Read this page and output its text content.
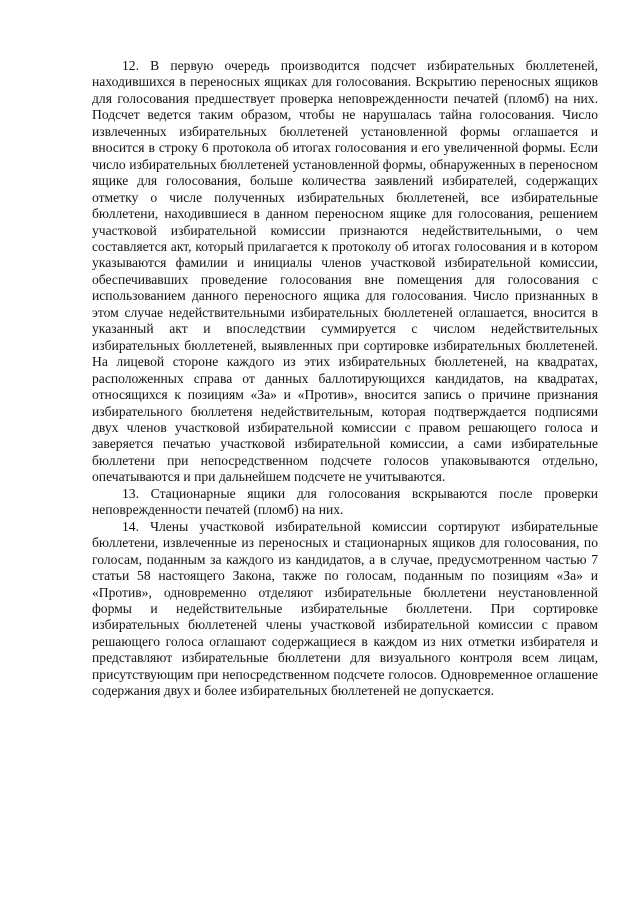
12. В первую очередь производится подсчет избирательных бюллетеней, находившихся в переносных ящиках для голосования. Вскрытию переносных ящиков для голосования предшествует проверка неповрежденности печатей (пломб) на них. Подсчет ведется таким образом, чтобы не нарушалась тайна голосования. Число извлеченных избирательных бюллетеней установленной формы оглашается и вносится в строку 6 протокола об итогах голосования и его увеличенной формы. Если число избирательных бюллетеней установленной формы, обнаруженных в переносном ящике для голосования, больше количества заявлений избирателей, содержащих отметку о числе полученных избирательных бюллетеней, все избирательные бюллетени, находившиеся в данном переносном ящике для голосования, решением участковой избирательной комиссии признаются недействительными, о чем составляется акт, который прилагается к протоколу об итогах голосования и в котором указываются фамилии и инициалы членов участковой избирательной комиссии, обеспечивавших проведение голосования вне помещения для голосования с использованием данного переносного ящика для голосования. Число признанных в этом случае недействительными избирательных бюллетеней оглашается, вносится в указанный акт и впоследствии суммируется с числом недействительных избирательных бюллетеней, выявленных при сортировке избирательных бюллетеней. На лицевой стороне каждого из этих избирательных бюллетеней, на квадратах, расположенных справа от данных баллотирующихся кандидатов, на квадратах, относящихся к позициям «За» и «Против», вносится запись о причине признания избирательного бюллетеня недействительным, которая подтверждается подписями двух членов участковой избирательной комиссии с правом решающего голоса и заверяется печатью участковой избирательной комиссии, а сами избирательные бюллетени при непосредственном подсчете голосов упаковываются отдельно, опечатываются и при дальнейшем подсчете не учитываются.

13. Стационарные ящики для голосования вскрываются после проверки неповрежденности печатей (пломб) на них.

14. Члены участковой избирательной комиссии сортируют избирательные бюллетени, извлеченные из переносных и стационарных ящиков для голосования, по голосам, поданным за каждого из кандидатов, а в случае, предусмотренном частью 7 статьи 58 настоящего Закона, также по голосам, поданным по позициям «За» и «Против», одновременно отделяют избирательные бюллетени неустановленной формы и недействительные избирательные бюллетени. При сортировке избирательных бюллетеней члены участковой избирательной комиссии с правом решающего голоса оглашают содержащиеся в каждом из них отметки избирателя и представляют избирательные бюллетени для визуального контроля всем лицам, присутствующим при непосредственном подсчете голосов. Одновременное оглашение содержания двух и более избирательных бюллетеней не допускается.
